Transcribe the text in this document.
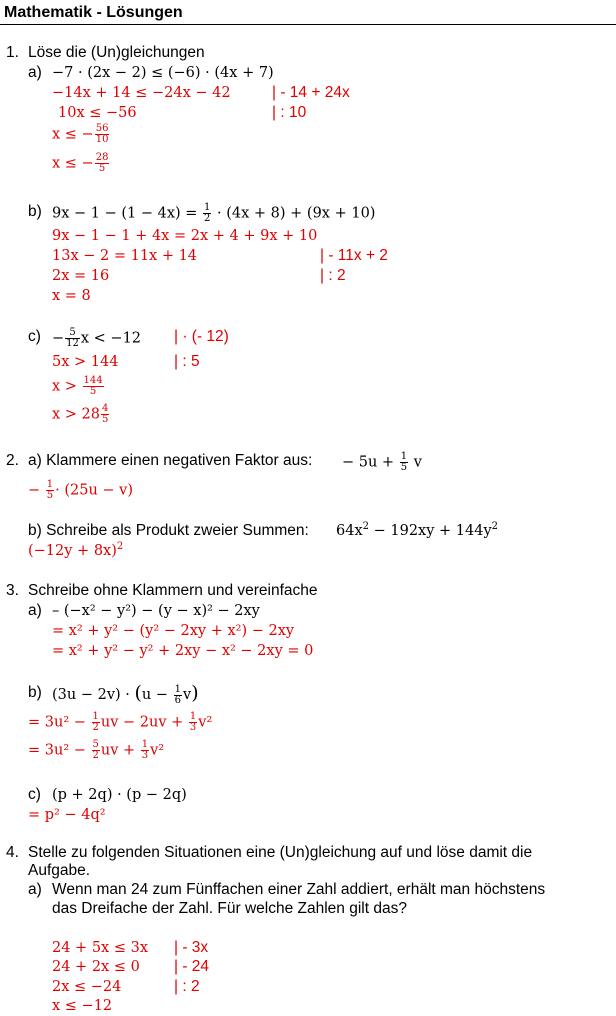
Mathematik - Lösungen
1. Löse die (Un)gleichungen
a) −7 · (2x − 2) ≤ (−6) · (4x + 7)
−14x + 14 ≤ −24x − 42	| - 14 + 24x
10x ≤ −56	| : 10
x ≤ − $\frac{56}{10}$
x ≤ − $\frac{28}{5}$
b) $9x - 1 - (1 - 4x) = \frac{1}{2} \cdot (4x + 8) + (9x + 10)$
9x − 1 − 1 + 4x = 2x + 4 + 9x + 10
13x − 2 = 11x + 14	| - 11x + 2
2x = 16	| : 2
x = 8
$c) - \frac{5}{12}$ x < −12 | · (- 12)
5x > 144	| : 5
$x > \frac{144}{5}$
$x > 28 \frac{4}{5}$
2. a) Klammere einen negativen Faktor aus: − $5u + \frac{1}{5}$ v
− $\frac{1}{5} \cdot (25u - v)$
b) Schreibe als Produkt zweier Summen: $64x^2 - 192xy + 144y^2$
$(-12y + 8x)^2$
3. Schreibe ohne Klammern und vereinfache
a) – (−x² − y²) − (y − x)² − 2xy
= x² + y² − (y² − 2xy + x²) − 2xy
= x² + y² − y² + 2xy − x² − 2xy = 0
b) $(3u - 2v) \cdot (u - \frac{1}{6} v)$
= $3u^2 - \frac{1}{2}$ uv − $2uv + \frac{1}{3} v^2$
= $3u^2 - \frac{5}{2}$ uv + $\frac{1}{3} v^2$
c) (p + 2q) · (p − 2q)
= p² − 4q²
4. Stelle zu folgenden Situationen eine (Un)gleichung auf und löse damit die
Aufgabe.
a) Wenn man 24 zum Fünffachen einer Zahl addiert, erhält man höchstens
das Dreifache der Zahl. Für welche Zahlen gilt das?
24 + 5x ≤ 3x | - 3x
24 + 2x ≤ 0 | - 24
2x ≤ −24	| : 2
x ≤ −12
